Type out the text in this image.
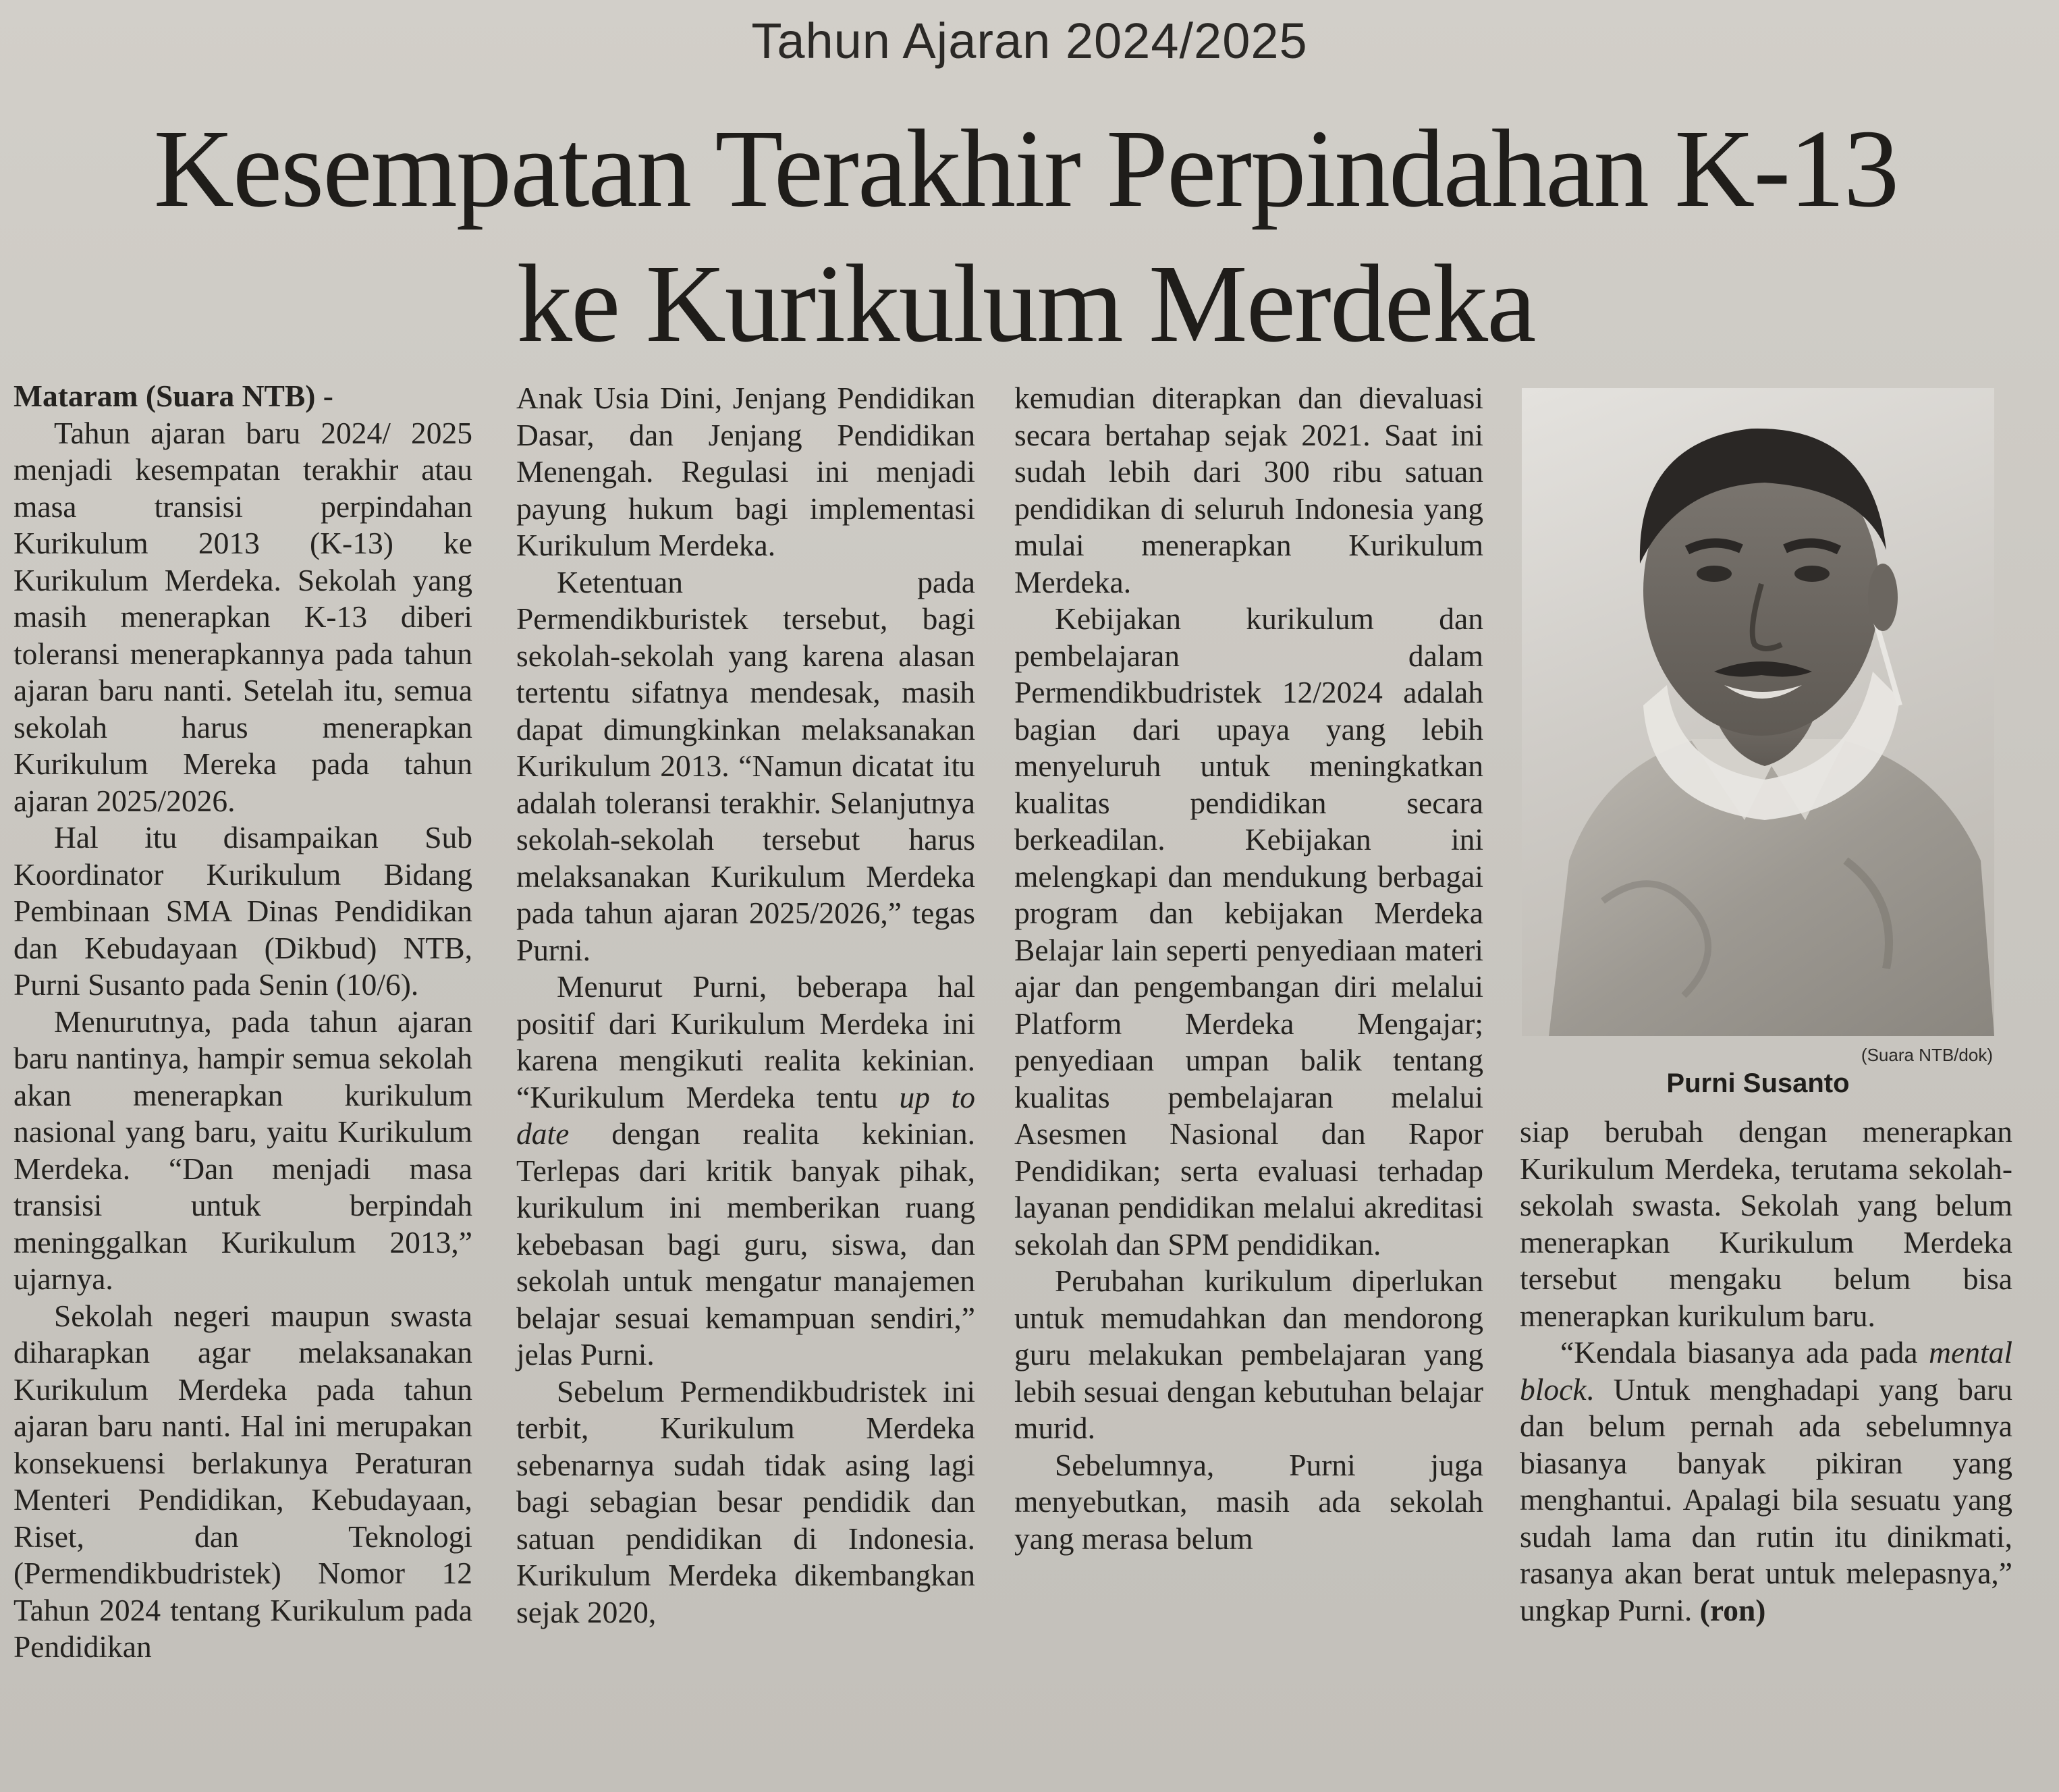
Tahun Ajaran 2024/2025
Kesempatan Terakhir Perpindahan K-13
ke Kurikulum Merdeka

Mataram (Suara NTB) -

Tahun ajaran baru 2024/ 2025 menjadi kesempatan terakhir atau masa transisi perpindahan Kurikulum 2013 (K-13) ke Kurikulum Merdeka. Sekolah yang masih menerapkan K-13 diberi toleransi menerapkannya pada tahun ajaran baru nanti. Setelah itu, semua sekolah harus menerapkan Kurikulum Mereka pada tahun ajaran 2025/2026.

Hal itu disampaikan Sub Koordinator Kurikulum Bidang Pembinaan SMA Dinas Pendidikan dan Kebudayaan (Dikbud) NTB, Purni Susanto pada Senin (10/6).

Menurutnya, pada tahun ajaran baru nantinya, hampir semua sekolah akan menerapkan kurikulum nasional yang baru, yaitu Kurikulum Merdeka. “Dan menjadi masa transisi untuk berpindah meninggalkan Kurikulum 2013,” ujarnya.

Sekolah negeri maupun swasta diharapkan agar melaksanakan Kurikulum Merdeka pada tahun ajaran baru nanti. Hal ini merupakan konsekuensi berlakunya Peraturan Menteri Pendidikan, Kebudayaan, Riset, dan Teknologi (Permendikbudristek) Nomor 12 Tahun 2024 tentang Kurikulum pada Pendidikan

Anak Usia Dini, Jenjang Pendidikan Dasar, dan Jenjang Pendidikan Menengah. Regulasi ini menjadi payung hukum bagi implementasi Kurikulum Merdeka.

Ketentuan pada Permendikburistek tersebut, bagi sekolah-sekolah yang karena alasan tertentu sifatnya mendesak, masih dapat dimungkinkan melaksanakan Kurikulum 2013. “Namun dicatat itu adalah toleransi terakhir. Selanjutnya sekolah-sekolah tersebut harus melaksanakan Kurikulum Merdeka pada tahun ajaran 2025/2026,” tegas Purni.

Menurut Purni, beberapa hal positif dari Kurikulum Merdeka ini karena mengikuti realita kekinian. “Kurikulum Merdeka tentu up to date dengan realita kekinian. Terlepas dari kritik banyak pihak, kurikulum ini memberikan ruang kebebasan bagi guru, siswa, dan sekolah untuk mengatur manajemen belajar sesuai kemampuan sendiri,” jelas Purni.

Sebelum Permendikbudristek ini terbit, Kurikulum Merdeka sebenarnya sudah tidak asing lagi bagi sebagian besar pendidik dan satuan pendidikan di Indonesia. Kurikulum Merdeka dikembangkan sejak 2020,

kemudian diterapkan dan dievaluasi secara bertahap sejak 2021. Saat ini sudah lebih dari 300 ribu satuan pendidikan di seluruh Indonesia yang mulai menerapkan Kurikulum Merdeka.

Kebijakan kurikulum dan pembelajaran dalam Permendikbudristek 12/2024 adalah bagian dari upaya yang lebih menyeluruh untuk meningkatkan kualitas pendidikan secara berkeadilan. Kebijakan ini melengkapi dan mendukung berbagai program dan kebijakan Merdeka Belajar lain seperti penyediaan materi ajar dan pengembangan diri melalui Platform Merdeka Mengajar; penyediaan umpan balik tentang kualitas pembelajaran melalui Asesmen Nasional dan Rapor Pendidikan; serta evaluasi terhadap layanan pendidikan melalui akreditasi sekolah dan SPM pendidikan.

Perubahan kurikulum diperlukan untuk memudahkan dan mendorong guru melakukan pembelajaran yang lebih sesuai dengan kebutuhan belajar murid.

Sebelumnya, Purni juga menyebutkan, masih ada sekolah yang merasa belum

(Suara NTB/dok)
Purni Susanto

siap berubah dengan menerapkan Kurikulum Merdeka, terutama sekolah-sekolah swasta. Sekolah yang belum menerapkan Kurikulum Merdeka tersebut mengaku belum bisa menerapkan kurikulum baru.

“Kendala biasanya ada pada mental block. Untuk menghadapi yang baru dan belum pernah ada sebelumnya biasanya banyak pikiran yang menghantui. Apalagi bila sesuatu yang sudah lama dan rutin itu dinikmati, rasanya akan berat untuk melepasnya,” ungkap Purni. (ron)
